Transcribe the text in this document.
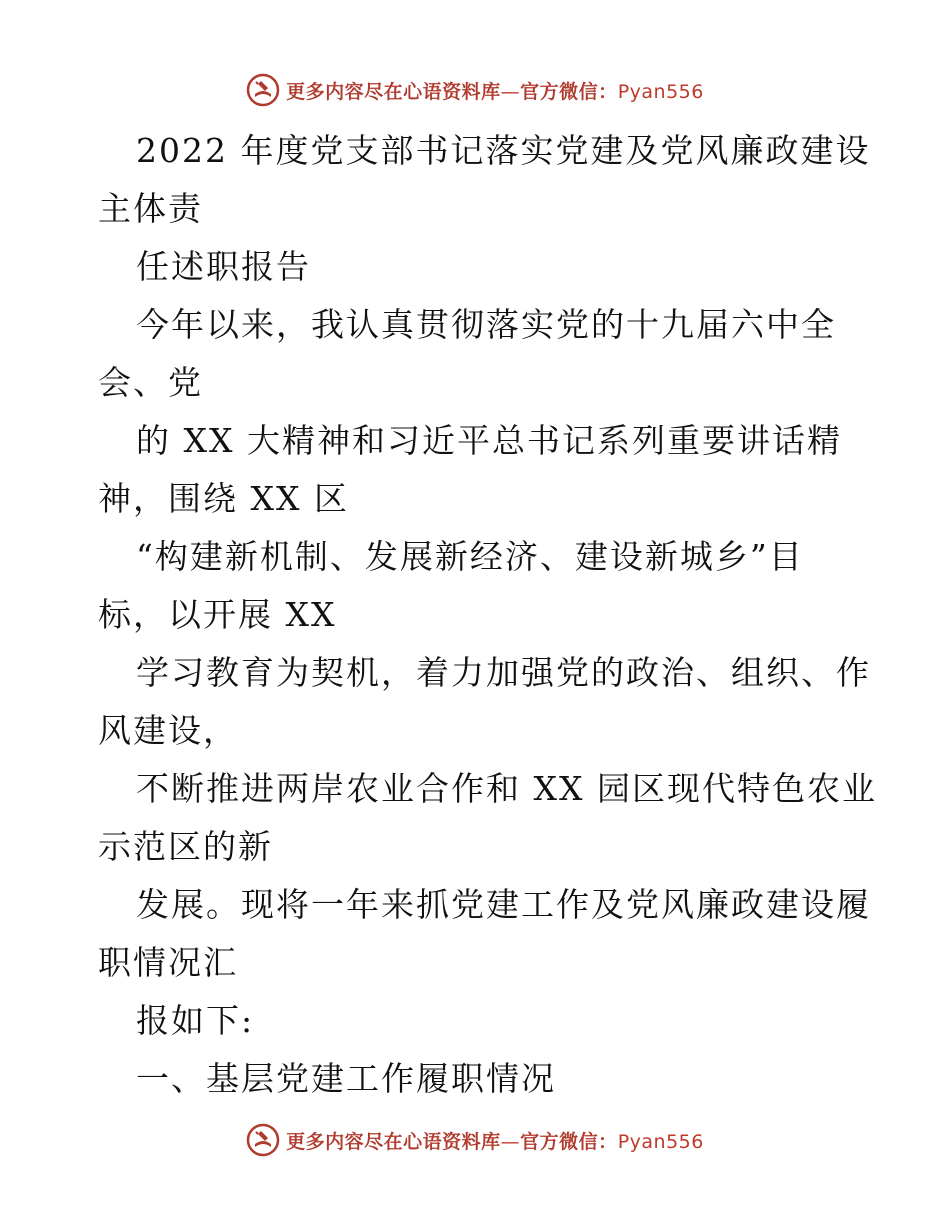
更多内容尽在心语资料库—官方微信：Pyan556
2022 年度党支部书记落实党建及党风廉政建设
主体责
任述职报告
今年以来，我认真贯彻落实党的十九届六中全
会、党
的 XX 大精神和习近平总书记系列重要讲话精
神，围绕 XX 区
“构建新机制、发展新经济、建设新城乡”目
标，以开展 XX
学习教育为契机，着力加强党的政治、组织、作
风建设，
不断推进两岸农业合作和 XX 园区现代特色农业
示范区的新
发展。现将一年来抓党建工作及党风廉政建设履
职情况汇
报如下:
一、基层党建工作履职情况
更多内容尽在心语资料库—官方微信：Pyan556
